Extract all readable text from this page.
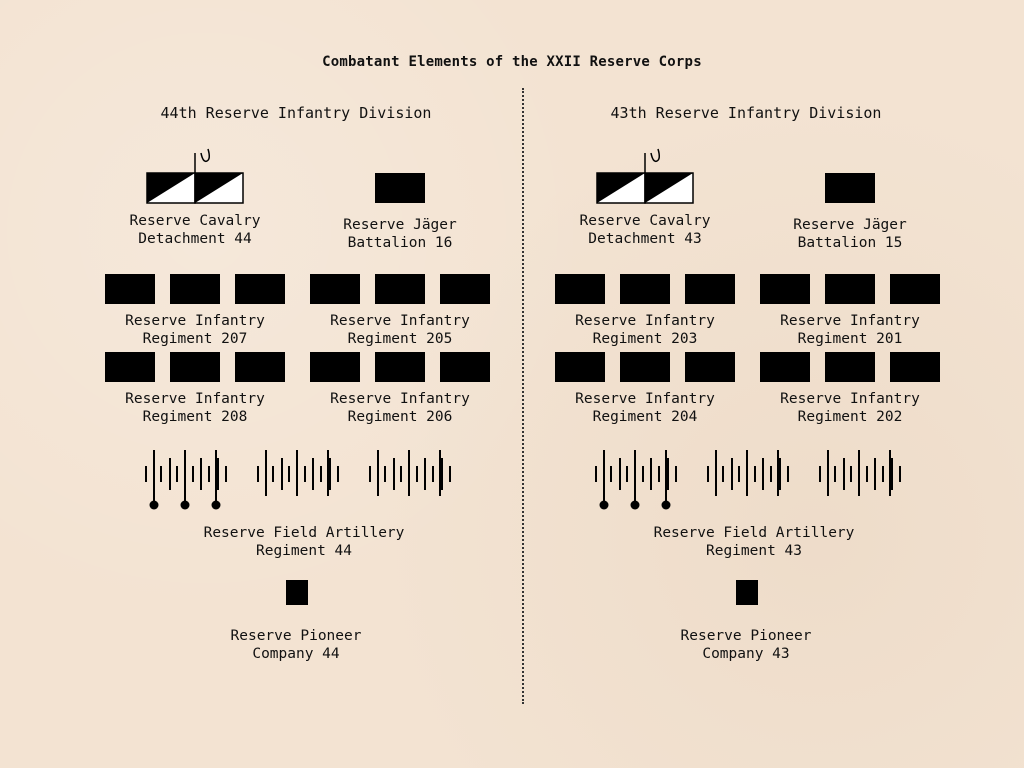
Combatant Elements of the XXII Reserve Corps
44th Reserve Infantry Division
Reserve Cavalry
Detachment 44
Reserve Jäger
Battalion 16
Reserve Infantry
Regiment 207
Reserve Infantry
Regiment 205
Reserve Infantry
Regiment 208
Reserve Infantry
Regiment 206
Reserve Field Artillery
Regiment 44
Reserve Pioneer
Company 44
43th Reserve Infantry Division
Reserve Cavalry
Detachment 43
Reserve Jäger
Battalion 15
Reserve Infantry
Regiment 203
Reserve Infantry
Regiment 201
Reserve Infantry
Regiment 204
Reserve Infantry
Regiment 202
Reserve Field Artillery
Regiment 43
Reserve Pioneer
Company 43
